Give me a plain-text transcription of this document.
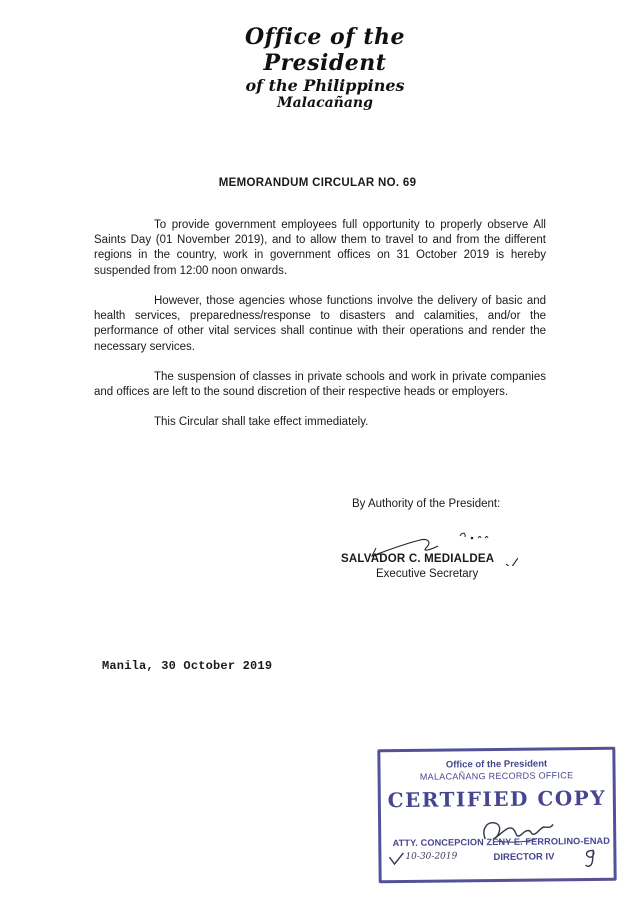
Office of the President
of the Philippines
Malacañang
MEMORANDUM CIRCULAR NO. 69

To provide government employees full opportunity to properly observe All Saints Day (01 November 2019), and to allow them to travel to and from the different regions in the country, work in government offices on 31 October 2019 is hereby suspended from 12:00 noon onwards.

However, those agencies whose functions involve the delivery of basic and health services, preparedness/response to disasters and calamities, and/or the performance of other vital services shall continue with their operations and render the necessary services.

The suspension of classes in private schools and work in private companies and offices are left to the sound discretion of their respective heads or employers.

This Circular shall take effect immediately.

By Authority of the President:
SALVADOR C. MEDIALDEA
Executive Secretary
Manila, 30 October 2019
Office of the President
MALACAÑANG RECORDS OFFICE
CERTIFIED COPY
ATTY. CONCEPCION ZENY E. FERROLINO-ENAD
10-30-2019	DIRECTOR IV
